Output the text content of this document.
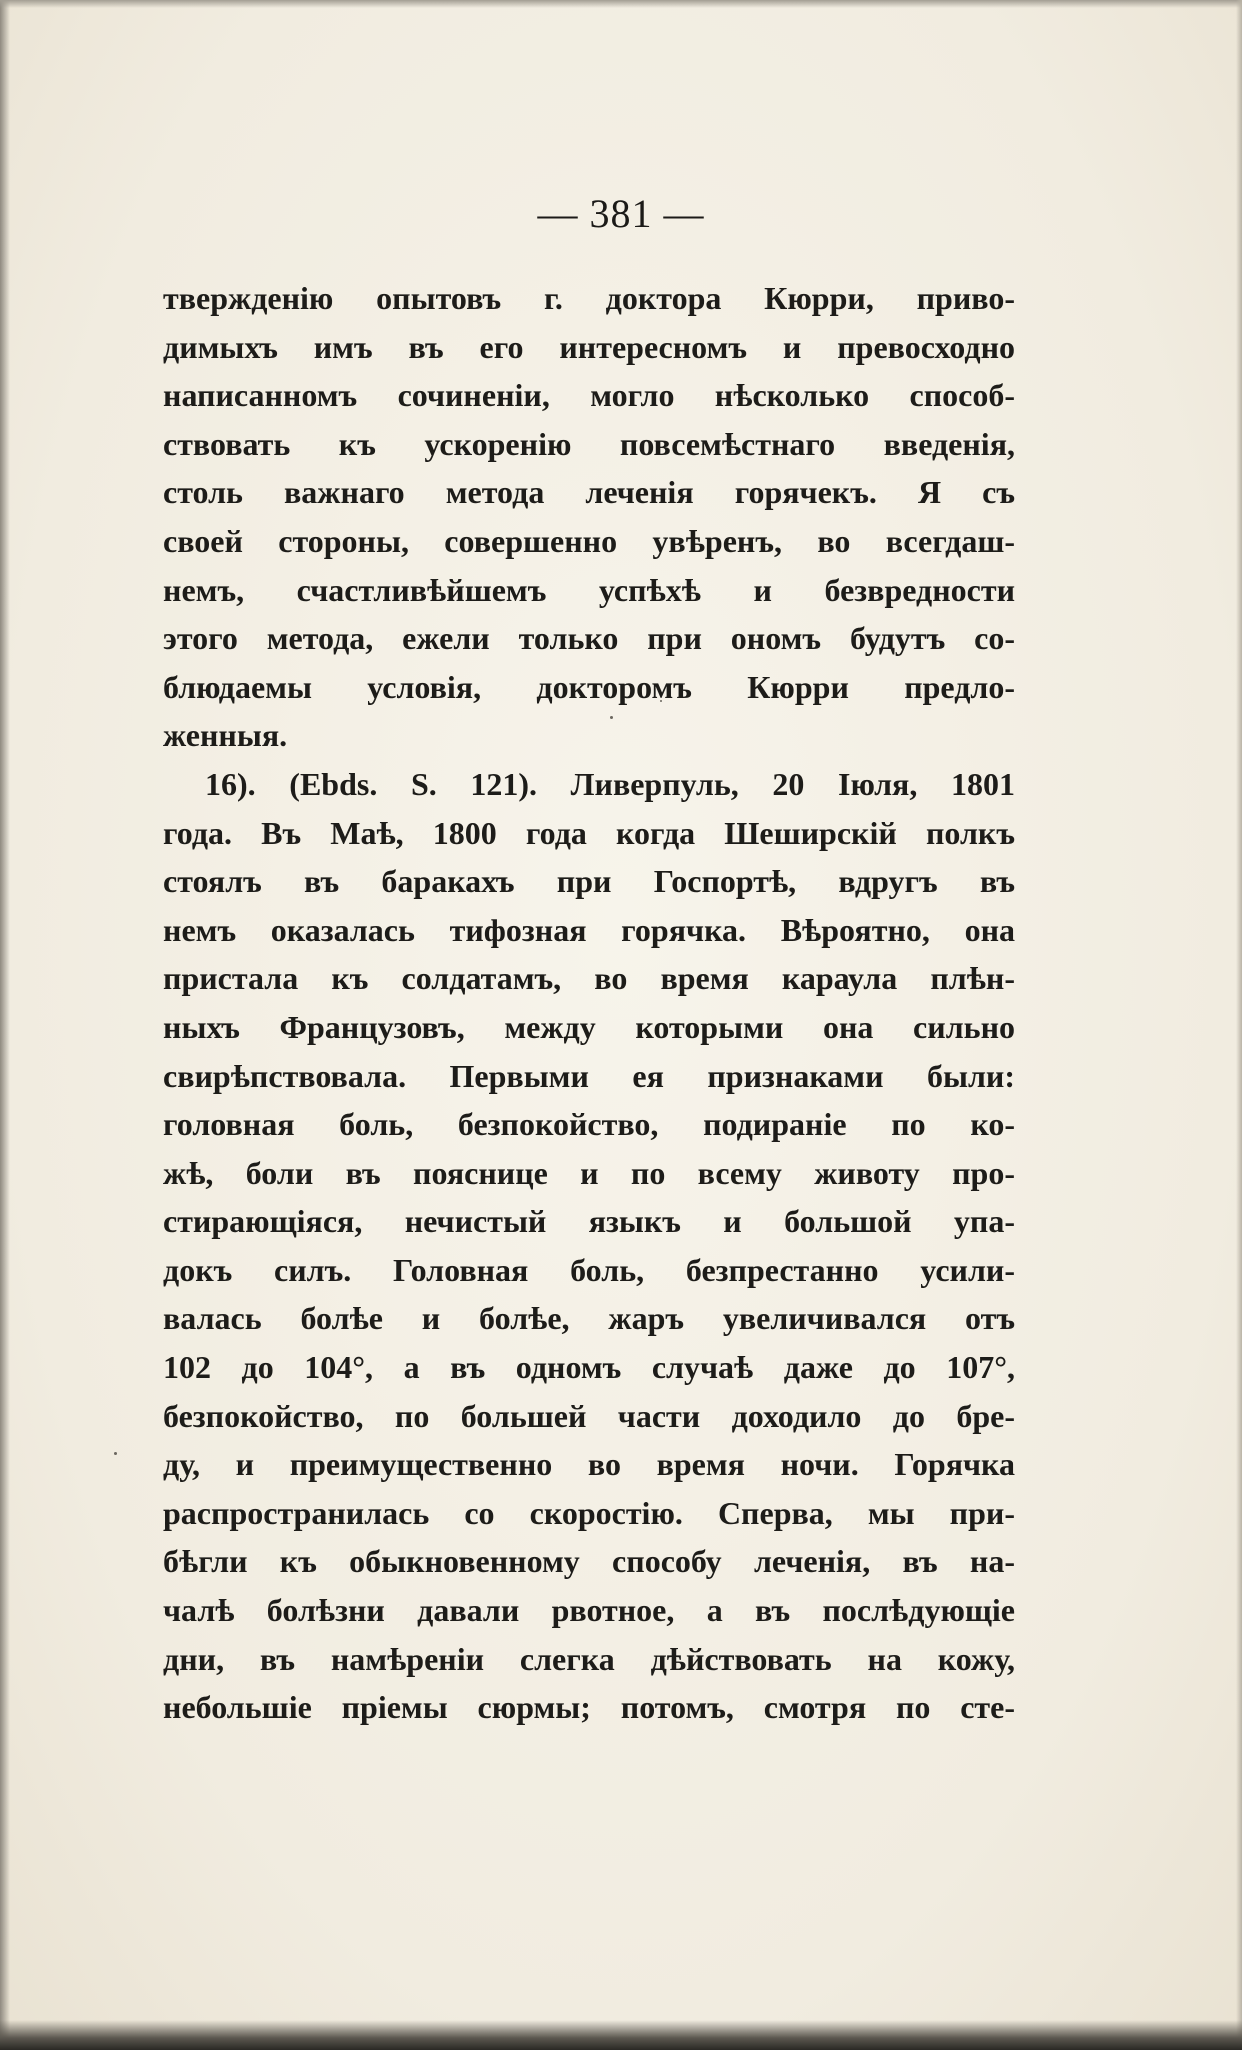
— 381 —
твержденію опытовъ г. доктора Кюрри, приво-
димыхъ имъ въ его интересномъ и превосходно
написанномъ сочиненіи, могло нѣсколько способ-
ствовать къ ускоренію повсемѣстнаго введенія,
столь важнаго метода леченія горячекъ. Я съ
своей стороны, совершенно увѣренъ, во всегдаш-
немъ, счастливѣйшемъ успѣхѣ и безвредности
этого метода, ежели только при ономъ будутъ со-
блюдаемы условія, докторомъ Кюрри предло-
женныя.
16). (Ebds. S. 121). Ливерпуль, 20 Іюля, 1801
года. Въ Маѣ, 1800 года когда Шеширскій полкъ
стоялъ въ баракахъ при Госпортѣ, вдругъ въ
немъ оказалась тифозная горячка. Вѣроятно, она
пристала къ солдатамъ, во время караула плѣн-
ныхъ Французовъ, между которыми она сильно
свирѣпствовала. Первыми ея признаками были:
головная боль, безпокойство, подираніе по ко-
жѣ, боли въ пояснице и по всему животу про-
стирающіяся, нечистый языкъ и большой упа-
докъ силъ. Головная боль, безпрестанно усили-
валась болѣе и болѣе, жаръ увеличивался отъ
102 до 104°, а въ одномъ случаѣ даже до 107°,
безпокойство, по большей части доходило до бре-
ду, и преимущественно во время ночи. Горячка
распространилась со скоростію. Сперва, мы при-
бѣгли къ обыкновенному способу леченія, въ на-
чалѣ болѣзни давали рвотное, а въ послѣдующіе
дни, въ намѣреніи слегка дѣйствовать на кожу,
небольшіе пріемы сюрмы; потомъ, смотря по сте-
